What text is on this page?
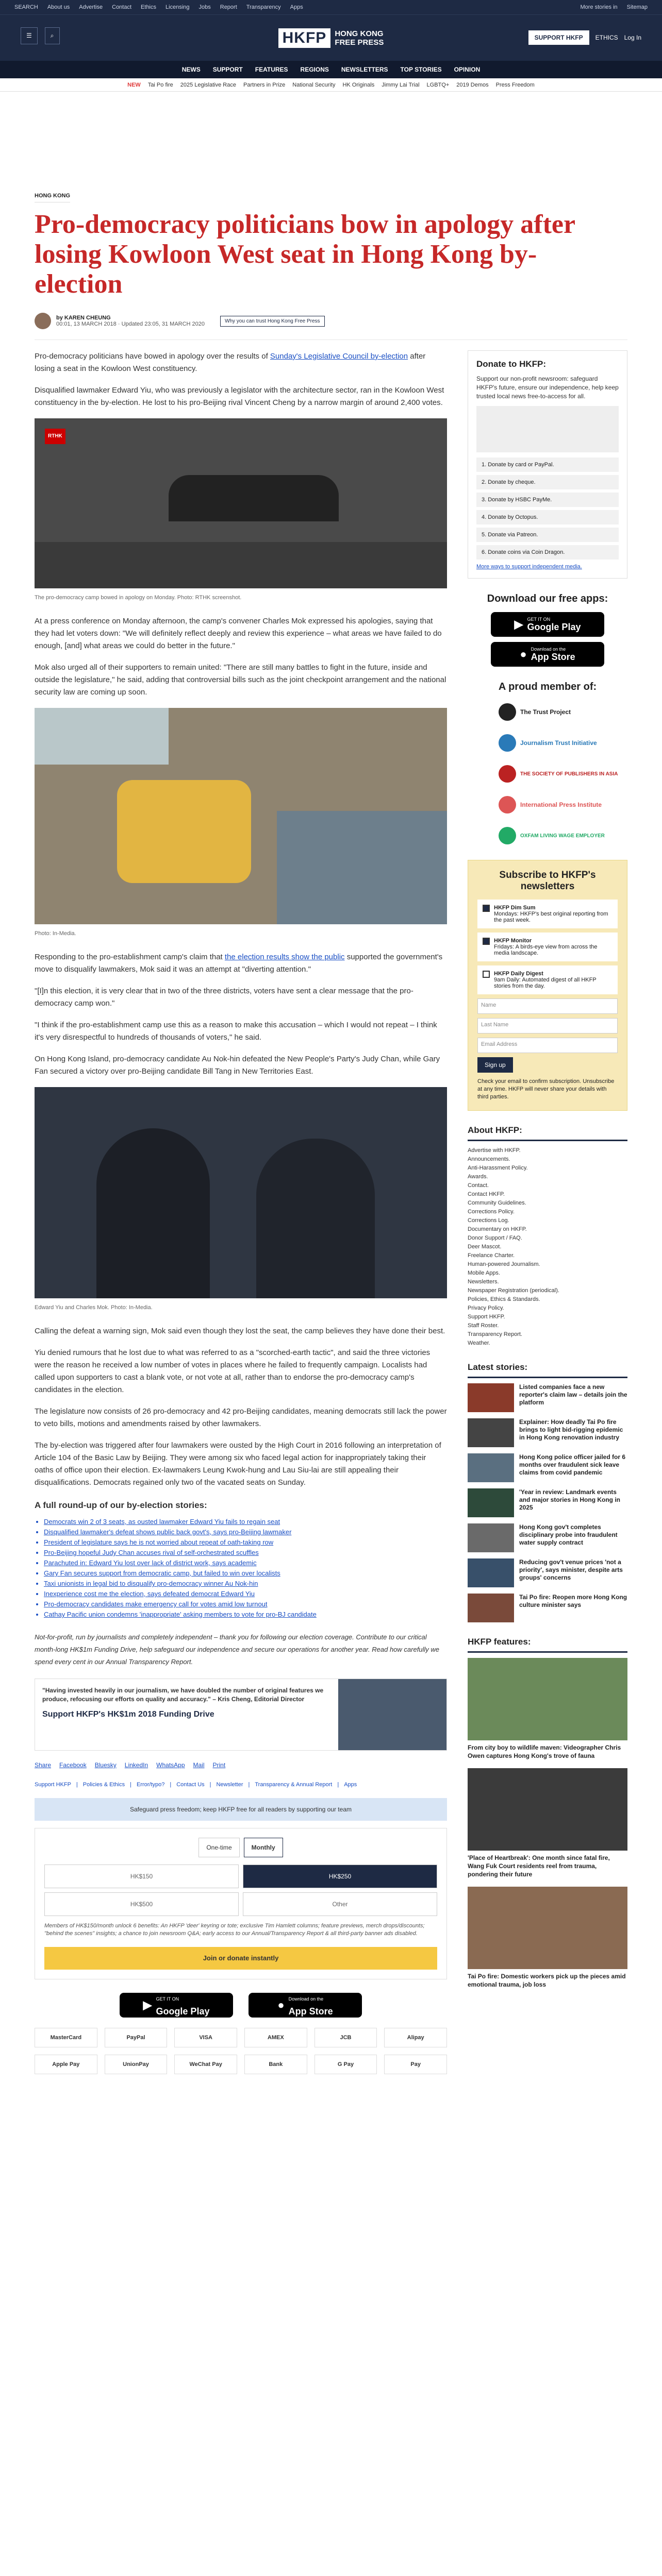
SEARCH About us Advertise Contact Ethics Licensing Jobs Report Transparency Apps	More stories in Sitemap
☰	⌕	HKFP	HONG KONG
FREE PRESS
SUPPORT HKFP	ETHICS Log In
NEWS SUPPORT FEATURES REGIONS NEWSLETTERS TOP STORIES OPINION
NEW Tai Po fire 2025 Legislative Race Partners in Prize National Security HK Originals Jimmy Lai Trial LGBTQ+ 2019 Demos Press Freedom
HONG KONG
Pro-democracy politicians bow in apology after losing Kowloon West seat in Hong Kong by-election
by KAREN CHEUNG
00:01, 13 MARCH 2018 · Updated 23:05, 31 MARCH 2020	Why you can trust Hong Kong Free Press

Pro-democracy politicians have bowed in apology over the results of Sunday's Legislative Council by-election after losing a seat in the Kowloon West constituency.

Disqualified lawmaker Edward Yiu, who was previously a legislator with the architecture sector, ran in the Kowloon West constituency in the by-election. He lost to his pro-Beijing rival Vincent Cheng by a narrow margin of around 2,400 votes.

RTHK
The pro-democracy camp bowed in apology on Monday. Photo: RTHK screenshot.

At a press conference on Monday afternoon, the camp's convener Charles Mok expressed his apologies, saying that they had let voters down: "We will definitely reflect deeply and review this experience – what areas we have failed to do enough, [and] what areas we could do better in the future."

Mok also urged all of their supporters to remain united: "There are still many battles to fight in the future, inside and outside the legislature," he said, adding that controversial bills such as the joint checkpoint arrangement and the national security law are coming up soon.

Photo: In-Media.

Responding to the pro-establishment camp's claim that the election results show the public supported the government's move to disqualify lawmakers, Mok said it was an attempt at "diverting attention."

"[I]n this election, it is very clear that in two of the three districts, voters have sent a clear message that the pro-democracy camp won."

"I think if the pro-establishment camp use this as a reason to make this accusation – which I would not repeat – I think it's very disrespectful to hundreds of thousands of voters," he said.

On Hong Kong Island, pro-democracy candidate Au Nok-hin defeated the New People's Party's Judy Chan, while Gary Fan secured a victory over pro-Beijing candidate Bill Tang in New Territories East.

Edward Yiu and Charles Mok. Photo: In-Media.

Calling the defeat a warning sign, Mok said even though they lost the seat, the camp believes they have done their best.

Yiu denied rumours that he lost due to what was referred to as a "scorched-earth tactic", and said the three victories were the reason he received a low number of votes in places where he failed to frequently campaign. Localists had called upon supporters to cast a blank vote, or not vote at all, rather than to endorse the pro-democracy camp's candidates in the election.

The legislature now consists of 26 pro-democracy and 42 pro-Beijing candidates, meaning democrats still lack the power to veto bills, motions and amendments raised by other lawmakers.

The by-election was triggered after four lawmakers were ousted by the High Court in 2016 following an interpretation of Article 104 of the Basic Law by Beijing. They were among six who faced legal action for inappropriately taking their oaths of office upon their election. Ex-lawmakers Leung Kwok-hung and Lau Siu-lai are still appealing their disqualifications. Democrats regained only two of the vacated seats on Sunday.

A full round-up of our by-election stories:
• Democrats win 2 of 3 seats, as ousted lawmaker Edward Yiu fails to regain seat
• Disqualified lawmaker's defeat shows public back govt's, says pro-Beijing lawmaker
• President of legislature says he is not worried about repeat of oath-taking row
• Pro-Beijing hopeful Judy Chan accuses rival of self-orchestrated scuffles
• Parachuted in: Edward Yiu lost over lack of district work, says academic
• Gary Fan secures support from democratic camp, but failed to win over localists
• Taxi unionists in legal bid to disqualify pro-democracy winner Au Nok-hin
• Inexperience cost me the election, says defeated democrat Edward Yiu
• Pro-democracy candidates make emergency call for votes amid low turnout
• Cathay Pacific union condemns 'inappropriate' asking members to vote for pro-BJ candidate

Not-for-profit, run by journalists and completely independent – thank you for following our election coverage. Contribute to our critical month-long HK$1m Funding Drive, help safeguard our independence and secure our operations for another year. Read how carefully we spend every cent in our Annual Transparency Report.

"Having invested heavily in our journalism, we have doubled the number of original features we produce, refocusing our efforts on quality and accuracy." – Kris Cheng, Editorial Director
Support HKFP's HK$1m 2018 Funding Drive
Share Facebook Bluesky LinkedIn WhatsApp Mail Print
Support HKFP | Policies & Ethics | Error/typo? | Contact Us | Newsletter | Transparency & Annual Report | Apps
Safeguard press freedom; keep HKFP free for all readers by supporting our team
One-time	Monthly
HK$150	HK$250
HK$500	Other

Members of HK$150/month unlock 6 benefits: An HKFP 'deer' keyring or tote; exclusive Tim Hamlett columns; feature previews, merch drops/discounts; "behind the scenes" insights; a chance to join newsroom Q&A; early access to our Annual/Transparency Report & all third-party banner ads disabled.

Join or donate instantly
▶ GET IT ON
Google Play	● Download on the
App Store
MasterCard	PayPal	VISA	AMEX	JCB	Alipay
Apple Pay	UnionPay	WeChat Pay	Bank	G Pay	Pay
Donate to HKFP:

Support our non-profit newsroom: safeguard HKFP's future, ensure our independence, help keep trusted local news free-to-access for all.

1. Donate by card or PayPal.
2. Donate by cheque.
3. Donate by HSBC PayMe.
4. Donate by Octopus.
5. Donate via Patreon.
6. Donate coins via Coin Dragon.
More ways to support independent media.
Download our free apps:
▶ GET IT ON
Google Play
● Download on the
App Store
A proud member of:
The Trust Project
Journalism Trust Initiative
THE SOCIETY OF PUBLISHERS IN ASIA
International Press Institute
OXFAM LIVING WAGE EMPLOYER
Subscribe to HKFP's newsletters
HKFP Dim Sum
Mondays: HKFP's best original reporting from the past week.
HKFP Monitor
Fridays: A birds-eye view from across the media landscape.
HKFP Daily Digest
9am Daily: Automated digest of all HKFP stories from the day.
Name
Last Name
Email Address
Sign up
Check your email to confirm subscription. Unsubscribe at any time. HKFP will never share your details with third parties.
About HKFP:
Advertise with HKFP.
Announcements.
Anti-Harassment Policy.
Awards.
Contact.
Contact HKFP.
Community Guidelines.
Corrections Policy.
Corrections Log.
Documentary on HKFP.
Donor Support / FAQ.
Deer Mascot.
Freelance Charter.
Human-powered Journalism.
Mobile Apps.
Newsletters.
Newspaper Registration (periodical).
Policies, Ethics & Standards.
Privacy Policy.
Support HKFP.
Staff Roster.
Transparency Report.
Weather.
Latest stories:
Listed companies face a new reporter's claim law – details join the platform
Explainer: How deadly Tai Po fire brings to light bid-rigging epidemic in Hong Kong renovation industry
Hong Kong police officer jailed for 6 months over fraudulent sick leave claims from covid pandemic
'Year in review: Landmark events and major stories in Hong Kong in 2025
Hong Kong gov't completes disciplinary probe into fraudulent water supply contract
Reducing gov't venue prices 'not a priority', says minister, despite arts groups' concerns
Tai Po fire: Reopen more Hong Kong culture minister says
HKFP features:
From city boy to wildlife maven: Videographer Chris Owen captures Hong Kong's trove of fauna
'Place of Heartbreak': One month since fatal fire, Wang Fuk Court residents reel from trauma, pondering their future
Tai Po fire: Domestic workers pick up the pieces amid emotional trauma, job loss
